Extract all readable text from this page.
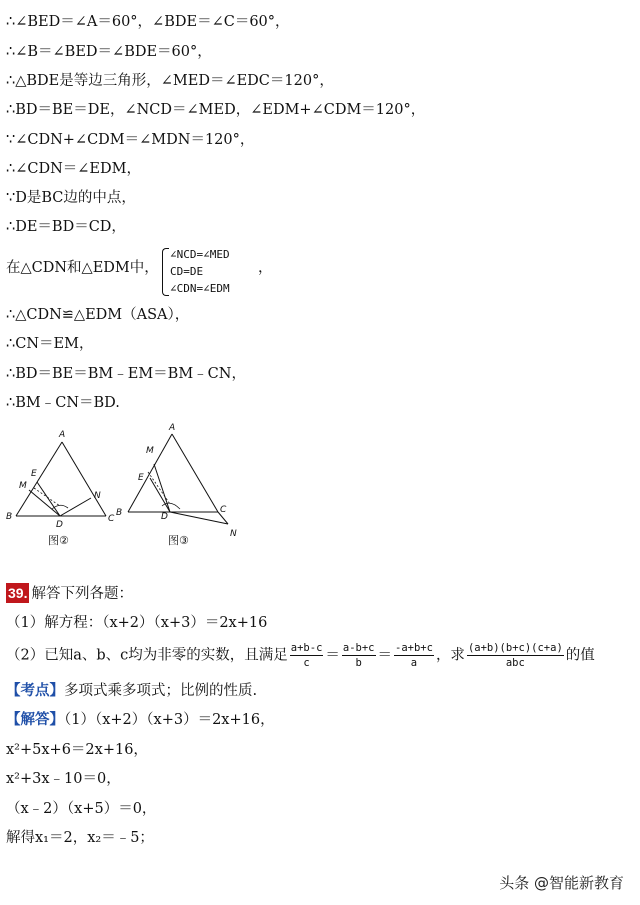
∴∠BED＝∠A＝60°，∠BDE＝∠C＝60°，
∴∠B＝∠BED＝∠BDE＝60°，
∴△BDE是等边三角形，∠MED＝∠EDC＝120°，
∴BD＝BE＝DE，∠NCD＝∠MED，∠EDM+∠CDM＝120°，
∵∠CDN+∠CDM＝∠MDN＝120°，
∴∠CDN＝∠EDM，
∵D是BC边的中点，
∴DE＝BD＝CD，
在△CDN和△EDM中，
∠NCD=∠MED
CD=DE
∠CDN=∠EDM
，
∴△CDN≌△EDM（ASA），
∴CN＝EM，
∴BD＝BE＝BM﹣EM＝BM﹣CN，
∴BM﹣CN＝BD.
A
E
M
B
D
N
C
图②
A
M
E
B	D
C
N
图③
39. 解答下列各题：
（1）解方程：（x+2）（x+3）＝2x+16
（2）已知a、b、c均为非零的实数，且满足 $\frac{a+b-c}{c} = \frac{a-b+c}{b} = \frac{-a+b+c}{a}$ ，求 $\frac{(a+b)(b+c)(c+a)}{\text{abc}}$ 的值
【考点】多项式乘多项式；比例的性质.
【解答】（1）（x+2）（x+3）＝2x+16，
x²+5x+6＝2x+16，
x²+3x﹣10＝0，
（x﹣2）（x+5）＝0，
解得x₁＝2，x₂＝﹣5；
头条 @智能新教育
